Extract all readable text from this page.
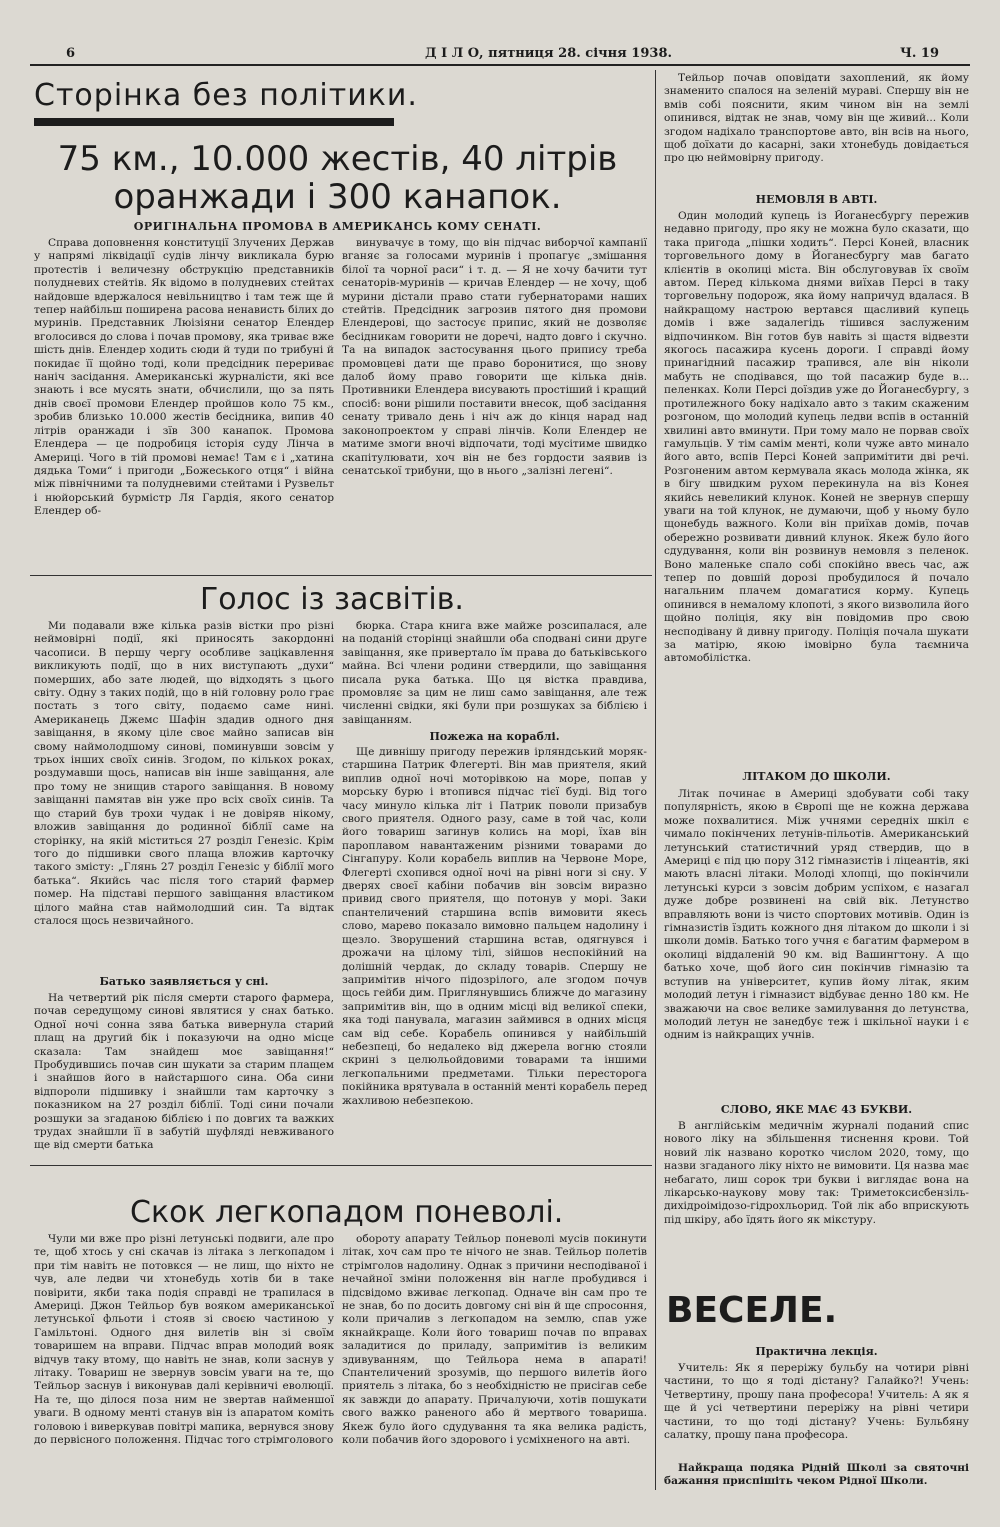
6	Д І Л О, пятниця 28. січня 1938.	Ч. 19
Сторінка без політики.
75 км., 10.000 жестів, 40 літрів оранжади і 300 канапок.
ОРИГІНАЛЬНА ПРОМОВА В АМЕРИКАНСЬ КОМУ СЕНАТІ.
Справа доповнення конституції Злучених Держав у напрямі ліквідації судів лінчу викликала бурю протестів і величезну обструкцію представників полудневих стейтів. Як відомо в полудневих стейтах найдовше вдержалося невільництво і там теж ще й тепер найбільш поширена расова ненависть білих до муринів. Представник Люізіяни сенатор Елендер вголосився до слова і почав промову, яка триває вже шість днів. Елендер ходить сюди й туди по трибуні й покидає її щойно тоді, коли предсідник перериває наніч засідання. Американські журналісти, які все знають і все мусять знати, обчислили, що за пять днів своєї промови Елендер пройшов коло 75 км., зробив близько 10.000 жестів бесідника, випив 40 літрів оранжади і зїв 300 канапок. Промова Елендера — це подробиця історія суду Лінча в Америці. Чого в тій промові немає! Там є і „хатина дядька Томи“ і пригоди „Божеського отця“ і війна між північними та полудневими стейтами і Рузвельт і нюйорський бурмістр Ля Гардія, якого сенатор Елендер об-
винувачує в тому, що він підчас виборчої кампанії вганяє за голосами муринів і пропагує „змішання білої та чорної раси“ і т. д. — Я не хочу бачити тут сенаторів-муринів — кричав Елендер — не хочу, щоб мурини дістали право стати губернаторами наших стейтів. Предсідник загрозив пятого дня промови Елендерові, що застосує припис, який не дозволяє бесідникам говорити не доречі, надто довго і скучно. Та на випадок застосування цього припису треба промовцеві дати ще право боронитися, що знову далоб йому право говорити ще кілька днів. Противники Елендера висувають простіший і кращий спосіб: вони рішили поставити внесок, щоб засідання сенату тривало день і ніч аж до кінця нарад над законопроектом у справі лінчів. Коли Елендер не матиме змоги вночі відпочати, тоді мусітиме швидко скапітулювати, хоч він не без гордости заявив із сенатської трибуни, що в нього „залізні легені“.
Голос із засвітів.
Ми подавали вже кілька разів вістки про різні неймовірні події, які приносять закордонні часописи. В першу чергу особливе зацікавлення викликують події, що в них виступають „духи“ померших, або зате людей, що відходять з цього світу. Одну з таких подій, що в ній головну роло грає постать з того світу, подаємо саме нині. Американець Джемс Шафін здадив одного дня завіщання, в якому ціле своє майно записав він свому наймолодшому синові, поминувши зовсім у трьох інших своїх синів. Згодом, по кількох роках, роздумавши щось, написав він інше завіщання, але про тому не знищив старого завіщання. В новому завіщанні памятав він уже про всіх своїх синів. Та що старий був трохи чудак і не довіряв нікому, вложив завіщання до родинної біблії саме на сторінку, на якій міститься 27 розділ Генезіс. Крім того до підшивки свого плаща вложив карточку такого змісту: „Глянь 27 розділ Генезіс у біблії мого батька“. Якийсь час після того старий фармер помер. На підставі першого завіщання властиком цілого майна став наймолодший син. Та відтак сталося щось незвичайного.
Батько заявляється у сні.
На четвертий рік після смерти старого фармера, почав середущому синові являтися у снах батько. Одної ночі сонна зява батька вивернула старий плащ на другий бік і показуючи на одно місце сказала: Там знайдеш моє завіщання!“ Пробудившись почав син шукати за старим плащем і знайшов його в найстаршого сина. Оба сини відпороли підшивку і знайшли там карточку з показником на 27 розділ біблії. Тоді сини почали розшуки за згаданою біблією і по довгих та важких трудах знайшли її в забутій шуфляді невживаного ще від смерти батька
бюрка. Стара книга вже майже розсипалася, але на поданій сторінці знайшли оба сподвані сини друге завіщання, яке привертало їм права до батьківського майна. Всі члени родини ствердили, що завіщання писала рука батька. Що ця вістка правдива, промовляє за цим не лиш само завіщання, але теж численні свідки, які були при розшуках за біблією і завіщанням.
Пожежа на кораблі.
Ще дивнішу пригоду пережив ірляндський моряк-старшина Патрик Флегерті. Він мав приятеля, який виплив одної ночі моторівкою на море, попав у морську бурю і втопився підчас тієї буді. Від того часу минуло кілька літ і Патрик поволи призабув свого приятеля. Одного разу, саме в той час, коли його товариш загинув колись на морі, їхав він пароплавом навантаженим різними товарами до Сінгапуру. Коли корабель виплив на Червоне Море, Флегерті схопився одної ночі на рівні ноги зі сну. У дверях своєї кабіни побачив він зовсім виразно привид свого приятеля, що потонув у морі. Заки спантеличений старшина вспів вимовити якесь слово, марево показало вимовно пальцем надолину і щезло. Зворушений старшина встав, одягнувся і дрожачи на цілому тілі, зійшов неспокійний на долішній чердак, до складу товарів. Спершу не запримітив нічого підозрілого, але згодом почув щось гейби дим. Приглянувшись ближче до магазину запримітив він, що в одним місці від великої спеки, яка тоді панувала, магазин займився в одних місця сам від себе. Корабель опинився у найбільшій небезпеці, бо недалеко від джерела вогню стояли скрині з целюльойдовими товарами та іншими легкопальними предметами. Тільки пересторога покійника врятувала в останній менті корабель перед жахливою небезпекою.
Скок легкопадом поневолі.
Чули ми вже про різні летунські подвиги, але про те, щоб хтось у сні скачав із літака з легкопадом і при тім навіть не потовкся — не лиш, що ніхто не чув, але ледви чи хтонебудь хотів би в таке повірити, якби така подія справді не трапилася в Америці. Джон Тейльор був вояком американської летунської фльоти і стояв зі своєю частиною у Гамільтоні. Одного дня вилетів він зі своїм товаришем на вправи. Підчас вправ молодий вояк відчув таку втому, що навіть не знав, коли заснув у літаку. Товариш не звернув зовсім уваги на те, що Тейльор заснув і виконував далі керівничі еволюції. На те, що ділося поза ним не звертав найменшої уваги. В одному менті станув він із апаратом коміть головою і виверкував повітрі мапика, вернувся знову до первісного положення. Підчас того стрімголового
обороту апарату Тейльор поневолі мусів покинути літак, хоч сам про те нічого не знав. Тейльор полетів стрімголов надолину. Однак з причини несподіваної і нечайної зміни положення він нагле пробудився і підсвідомо вживає легкопад. Одначе він сам про те не знав, бо по досить довгому сні він й ще спросоння, коли причалив з легкопадом на землю, спав уже якнайкраще. Коли його товариш почав по вправах заладитися до приладу, запримітив із великим здивуванням, що Тейльора нема в апараті! Спантеличений зрозумів, що першого вилетів його приятель з літака, бо з необхідністю не присігав себе як завжди до апарату. Причалуючи, хотів пошукати свого важко раненого або й мертвого товариша. Якеж було його сдудування та яка велика радість, коли побачив його здорового і усміхненого на авті.
Тейльор почав оповідати захоплений, як йому знаменито спалося на зеленій мураві. Спершу він не вмів собі пояснити, яким чином він на землі опинився, відтак не знав, чому він ще живий... Коли згодом надіхало транспортове авто, він всів на нього, щоб доїхати до касарні, заки хтонебудь довідається про цю неймовірну пригоду.
НЕМОВЛЯ В АВТІ.
Один молодий купець із Йоганесбургу пережив недавно пригоду, про яку не можна було сказати, що така пригода „пішки ходить“. Персі Коней, власник торговельного дому в Йоганесбургу мав багато клієнтів в околиці міста. Він обслуговував їх своїм автом. Перед кількома днями виїхав Персі в таку торговельну подорож, яка йому напричуд вдалася. В найкращому настрою вертався щасливий купець домів і вже задалегідь тішився заслуженим відпочинком. Він готов був навіть зі щастя відвезти якогось пасажира кусень дороги. І справді йому принагідний пасажир трапився, але він ніколи мабуть не сподівався, що той пасажир буде в... пеленках. Коли Персі доїздив уже до Йоганесбургу, з протилежного боку надіхало авто з таким скаженим розгоном, що молодий купець ледви вспів в останній хвилині авто вминути. При тому мало не порвав своїх гамульців. У тім самім менті, коли чуже авто минало його авто, вспів Персі Коней запримітити дві речі. Розгоненим автом кермувала якась молода жінка, як в бігу швидким рухом перекинула на віз Конея якийсь невеликий клунок. Коней не звернув спершу уваги на той клунок, не думаючи, щоб у ньому було щонебудь важного. Коли він приїхав домів, почав обережно розвивати дивний клунок. Якеж було його сдудування, коли він розвинув немовля з пеленок. Воно маленьке спало собі спокійно ввесь час, аж тепер по довшій дорозі пробудилося й почало нагальним плачем домагатися корму. Купець опинився в немалому клопоті, з якого визволила його щойно поліція, яку він повідомив про свою несподівану й дивну пригоду. Поліція почала шукати за матірю, якою імовірно була таємнича автомобілістка.
ЛІТАКОМ ДО ШКОЛИ.
Літак починає в Америці здобувати собі таку популярність, якою в Європі ще не кожна держава може похвалитися. Між учнями середніх шкіл є чимало покінчених летунів-пільотів. Американський летунський статистичний уряд ствердив, що в Америці є під цю пору 312 гімназистів і ліцеантів, які мають власні літаки. Молоді хлопці, що покінчили летунські курси з зовсім добрим успіхом, є назагал дуже добре розвинені на свій вік. Летунство вправляють вони із чисто спортових мотивів. Один із гімназистів їздить кожного дня літаком до школи і зі школи домів. Батько того учня є багатим фармером в околиці віддаленій 90 км. від Вашингтону. А що батько хоче, щоб його син покінчив гімназію та вступив на університет, купив йому літак, яким молодий летун і гімназист відбуває денно 180 км. Не зважаючи на своє велике замилування до летунства, молодий летун не занедбує теж і шкільної науки і є одним із найкращих учнів.
СЛОВО, ЯКЕ МАЄ 43 БУКВИ.
В англійськім медичнім журналі поданий спис нового ліку на збільшення тиснення крови. Той новий лік названо коротко числом 2020, тому, що назви згаданого ліку ніхто не вимовити. Ця назва має небагато, лиш сорок три букви і виглядає вона на лікарсько-наукову мову так: Триметоксисбензіль-дихідроімідозо-гідрохльорид. Той лік або вприскують під шкіру, або їдять його як мікстуру.
ВЕСЕЛЕ.
Практична лекція.
Учитель: Як я переріжу бульбу на чотири рівні частини, то що я тоді дістану? Галайко?! Учень: Четвертину, прошу пана професора! Учитель: А як я ще й усі четвертини переріжу на рівні четири частини, то що тоді дістану? Учень: Бульбяну салатку, прошу пана професора.
Найкраща подяка Рідній Школі за святочні бажання приспішіть чеком Рідної Школи.
